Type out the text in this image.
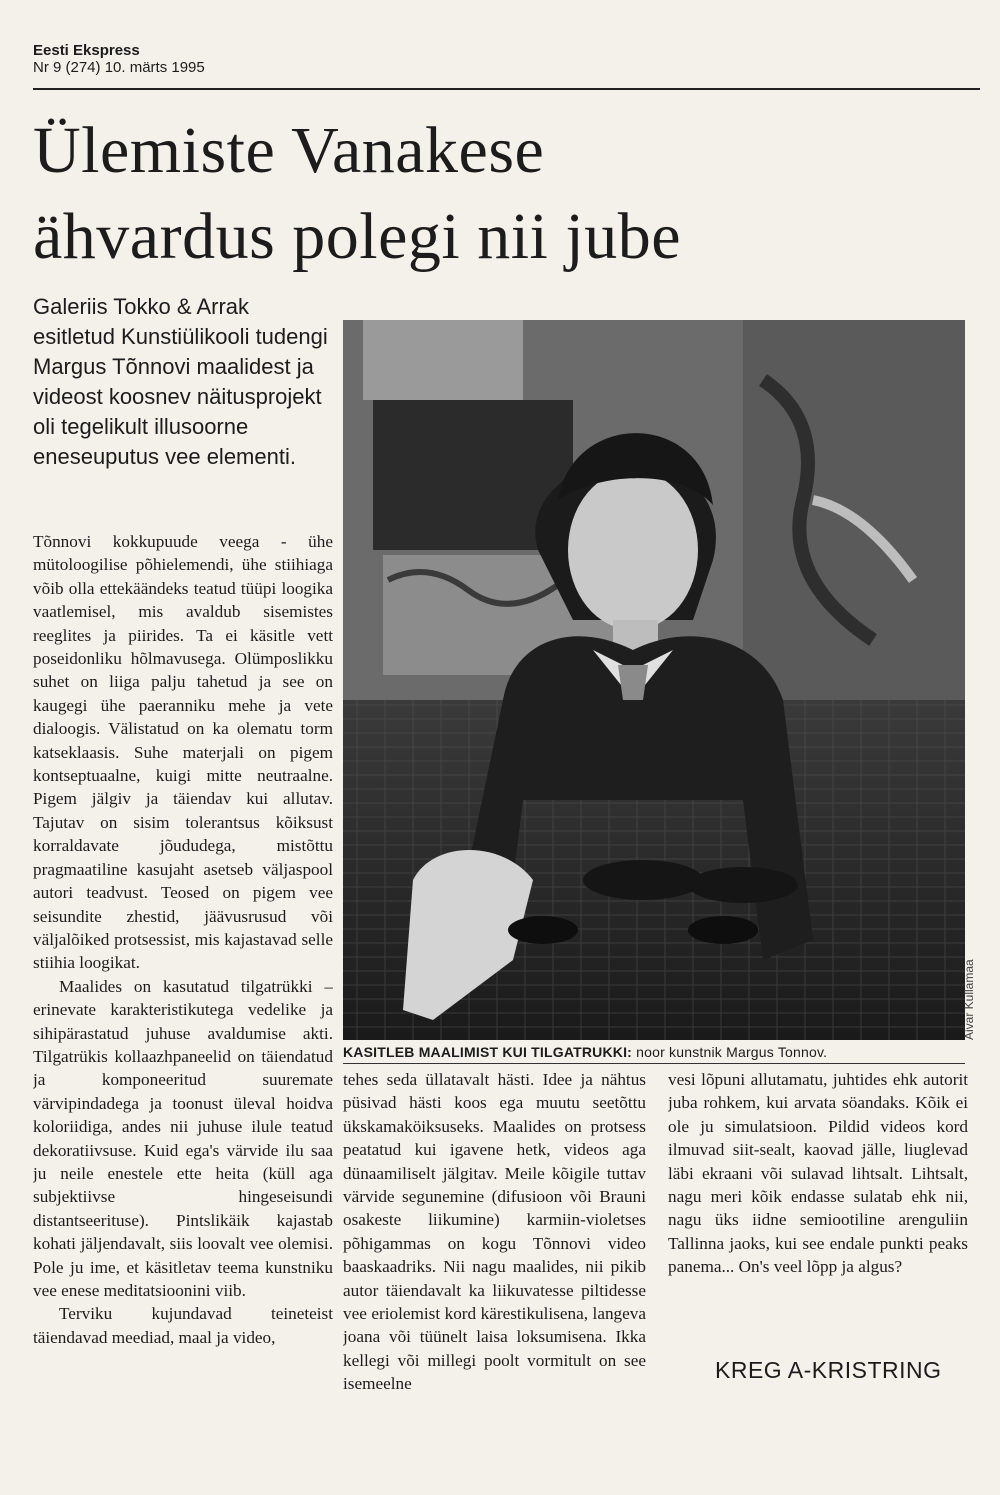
Eesti Ekspress
Nr 9 (274) 10. märts 1995
Ülemiste Vanakese
ähvardus polegi nii jube
Galeriis Tokko & Arrak esitletud Kunstiülikooli tudengi Margus Tõnnovi maalidest ja videost koosnev näitusprojekt oli tegelikult illusoorne eneseuputus vee elementi.

Tõnnovi kokkupuude veega - ühe mütoloogilise põhielemendi, ühe stiihiaga võib olla ettekäändeks teatud tüüpi loogika vaatlemisel, mis avaldub sisemistes reeglites ja piirides. Ta ei käsitle vett poseidonliku hõlmavusega. Olümposlikku suhet on liiga palju tahetud ja see on kaugegi ühe paeranniku mehe ja vete dialoogis. Välistatud on ka olematu torm katseklaasis. Suhe materjali on pigem kontseptuaalne, kuigi mitte neutraalne. Pigem jälgiv ja täiendav kui allutav. Tajutav on sisim tolerantsus kõiksust korraldavate jõududega, mistõttu pragmaatiline kasujaht asetseb väljaspool autori teadvust. Teosed on pigem vee seisundite zhestid, jäävusrusud või väljalõiked protsessist, mis kajastavad selle stiihia loogikat.

Maalides on kasutatud tilgatrükki – erinevate karakteristikutega vedelike ja sihipärastatud juhuse avaldumise akti. Tilgatrükis kollaazhpaneelid on täiendatud ja komponeeritud suuremate värvipindadega ja toonust üleval hoidva koloriidiga, andes nii juhuse ilule teatud dekoratiivsuse. Kuid ega's värvide ilu saa ju neile enestele ette heita (küll aga subjektiivse hingeseisundi distantseerituse). Pintslikäik kajastab kohati jäljendavalt, siis loovalt vee olemisi. Pole ju ime, et käsitletav teema kunstniku vee enese meditatsioonini viib.

Terviku kujundavad teineteist täiendavad meediad, maal ja video,

Aivar Kullamaa
KASITLEB MAALIMIST KUI TILGATRUKKI: noor kunstnik Margus Tonnov.

tehes seda üllatavalt hästi. Idee ja nähtus püsivad hästi koos ega muutu seetõttu ükskamaköiksuseks. Maalides on protsess peatatud kui igavene hetk, videos aga dünaamiliselt jälgitav. Meile kõigile tuttav värvide segunemine (difusioon või Brauni osakeste liikumine) karmiin-violetses põhigammas on kogu Tõnnovi video baaskaadriks. Nii nagu maalides, nii pikib autor täiendavalt ka liikuvatesse piltidesse vee eriolemist kord kärestikulisena, langeva joana või tüünelt laisa loksumisena. Ikka kellegi või millegi poolt vormitult on see isemeelne

vesi lõpuni allutamatu, juhtides ehk autorit juba rohkem, kui arvata söandaks. Kõik ei ole ju simulatsioon. Pildid videos kord ilmuvad siit-sealt, kaovad jälle, liuglevad läbi ekraani või sulavad lihtsalt. Lihtsalt, nagu meri kõik endasse sulatab ehk nii, nagu üks iidne semiootiline arenguliin Tallinna jaoks, kui see endale punkti peaks panema... On's veel lõpp ja algus?

KREG A-KRISTRING
